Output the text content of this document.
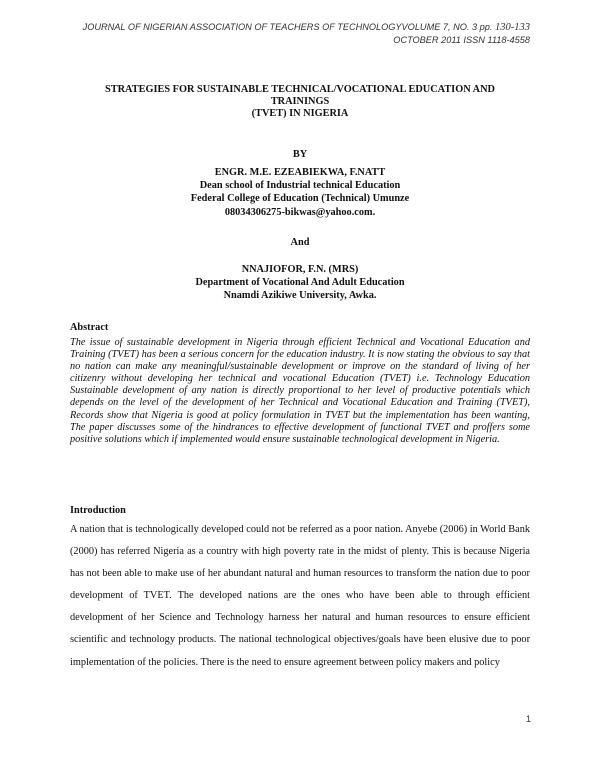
JOURNAL OF NIGERIAN ASSOCIATION OF TEACHERS OF TECHNOLOGYVOLUME 7, NO. 3 pp. 130-133
OCTOBER 2011 ISSN 1118-4558
STRATEGIES FOR SUSTAINABLE TECHNICAL/VOCATIONAL EDUCATION AND
TRAININGS
(TVET) IN NIGERIA
BY
ENGR. M.E. EZEABIEKWA, F.NATT
Dean school of Industrial technical Education
Federal College of Education (Technical) Umunze
08034306275-bikwas@yahoo.com.
And
NNAJIOFOR, F.N. (MRS)
Department of Vocational And Adult Education
Nnamdi Azikiwe University, Awka.
Abstract
The issue of sustainable development in Nigeria through efficient Technical and Vocational Education and Training (TVET) has been a serious concern for the education industry. It is now stating the obvious to say that no nation can make any meaningful/sustainable development or improve on the standard of living of her citizenry without developing her technical and vocational Education (TVET) i.e. Technology Education Sustainable development of any nation is directly proportional to her level of productive potentials which depends on the level of the development of her Technical and Vocational Education and Training (TVET), Records show that Nigeria is good at policy formulation in TVET but the implementation has been wanting, The paper discusses some of the hindrances to effective development of functional TVET and proffers some positive solutions which if implemented would ensure sustainable technological development in Nigeria.
Introduction
A nation that is technologically developed could not be referred as a poor nation. Anyebe (2006) in World Bank (2000) has referred Nigeria as a country with high poverty rate in the midst of plenty. This is because Nigeria has not been able to make use of her abundant natural and human resources to transform the nation due to poor development of TVET. The developed nations are the ones who have been able to through efficient development of her Science and Technology harness her natural and human resources to ensure efficient scientific and technology products. The national technological objectives/goals have been elusive due to poor implementation of the policies. There is the need to ensure agreement between policy makers and policy
1
